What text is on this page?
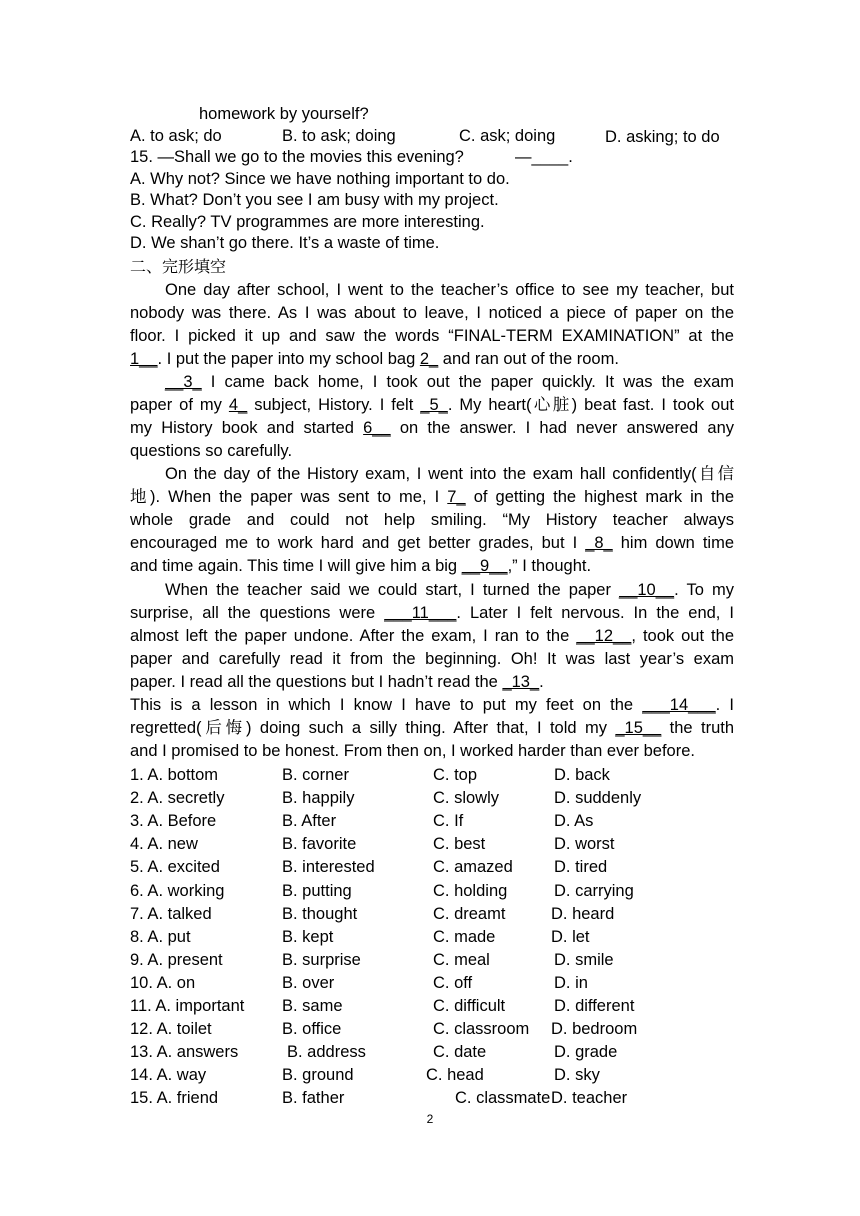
homework by yourself?
A. to ask; do	B. to ask; doing	C. ask; doing	D. asking; to do
15. —Shall we go to the movies this evening?	—____.
A. Why not? Since we have nothing important to do.
B. What? Don’t you see I am busy with my project.
C. Really? TV programmes are more interesting.
D. We shan’t go there. It’s a waste of time.
二、完形填空
One day after school, I went to the teacher’s office to see my teacher, but
nobody was there. As I was about to leave, I noticed a piece of paper on the
floor. I picked it up and saw the words “FINAL-TERM EXAMINATION” at the
1__. I put the paper into my school bag 2_ and ran out of the room.
__3_ I came back home, I took out the paper quickly. It was the exam
paper of my 4_ subject, History. I felt _5_. My heart(心脏) beat fast. I took out
my History book and started 6__ on the answer. I had never answered any
questions so carefully.
On the day of the History exam, I went into the exam hall confidently(自信
地). When the paper was sent to me, I 7_ of getting the highest mark in the
whole grade and could not help smiling. “My History teacher always
encouraged me to work hard and get better grades, but I _8_ him down time
and time again. This time I will give him a big __9__,” I thought.
When the teacher said we could start, I turned the paper __10__. To my
surprise, all the questions were ___11___. Later I felt nervous. In the end, I
almost left the paper undone. After the exam, I ran to the __12__, took out the
paper and carefully read it from the beginning. Oh! It was last year’s exam
paper. I read all the questions but I hadn’t read the _13_.
This is a lesson in which I know I have to put my feet on the ___14___. I
regretted(后悔) doing such a silly thing. After that, I told my _15__ the truth
and I promised to be honest. From then on, I worked harder than ever before.
1. A. bottom	B. corner	C. top	D. back
2. A. secretly	B. happily	C. slowly	D. suddenly
3. A. Before	B. After	C. If	D. As
4. A. new	B. favorite	C. best	D. worst
5. A. excited	B. interested	C. amazed D. tired
6. A. working	B. putting	C. holding	D. carrying
7. A. talked	B. thought	C. dreamt	D. heard
8. A. put	B. kept	C. made	D. let
9. A. present	B. surprise	C. meal	D. smile
10. A. on	B. over	C. off	D. in
11. A. important B. same	C. difficult	D. different
12. A. toilet	B. office	C. classroom D. bedroom
13. A. answers	B. address	C. date	D. grade
14. A. way	B. ground	C. head	D. sky
15. A. friend	B. father	C. classmate D. teacher
2
